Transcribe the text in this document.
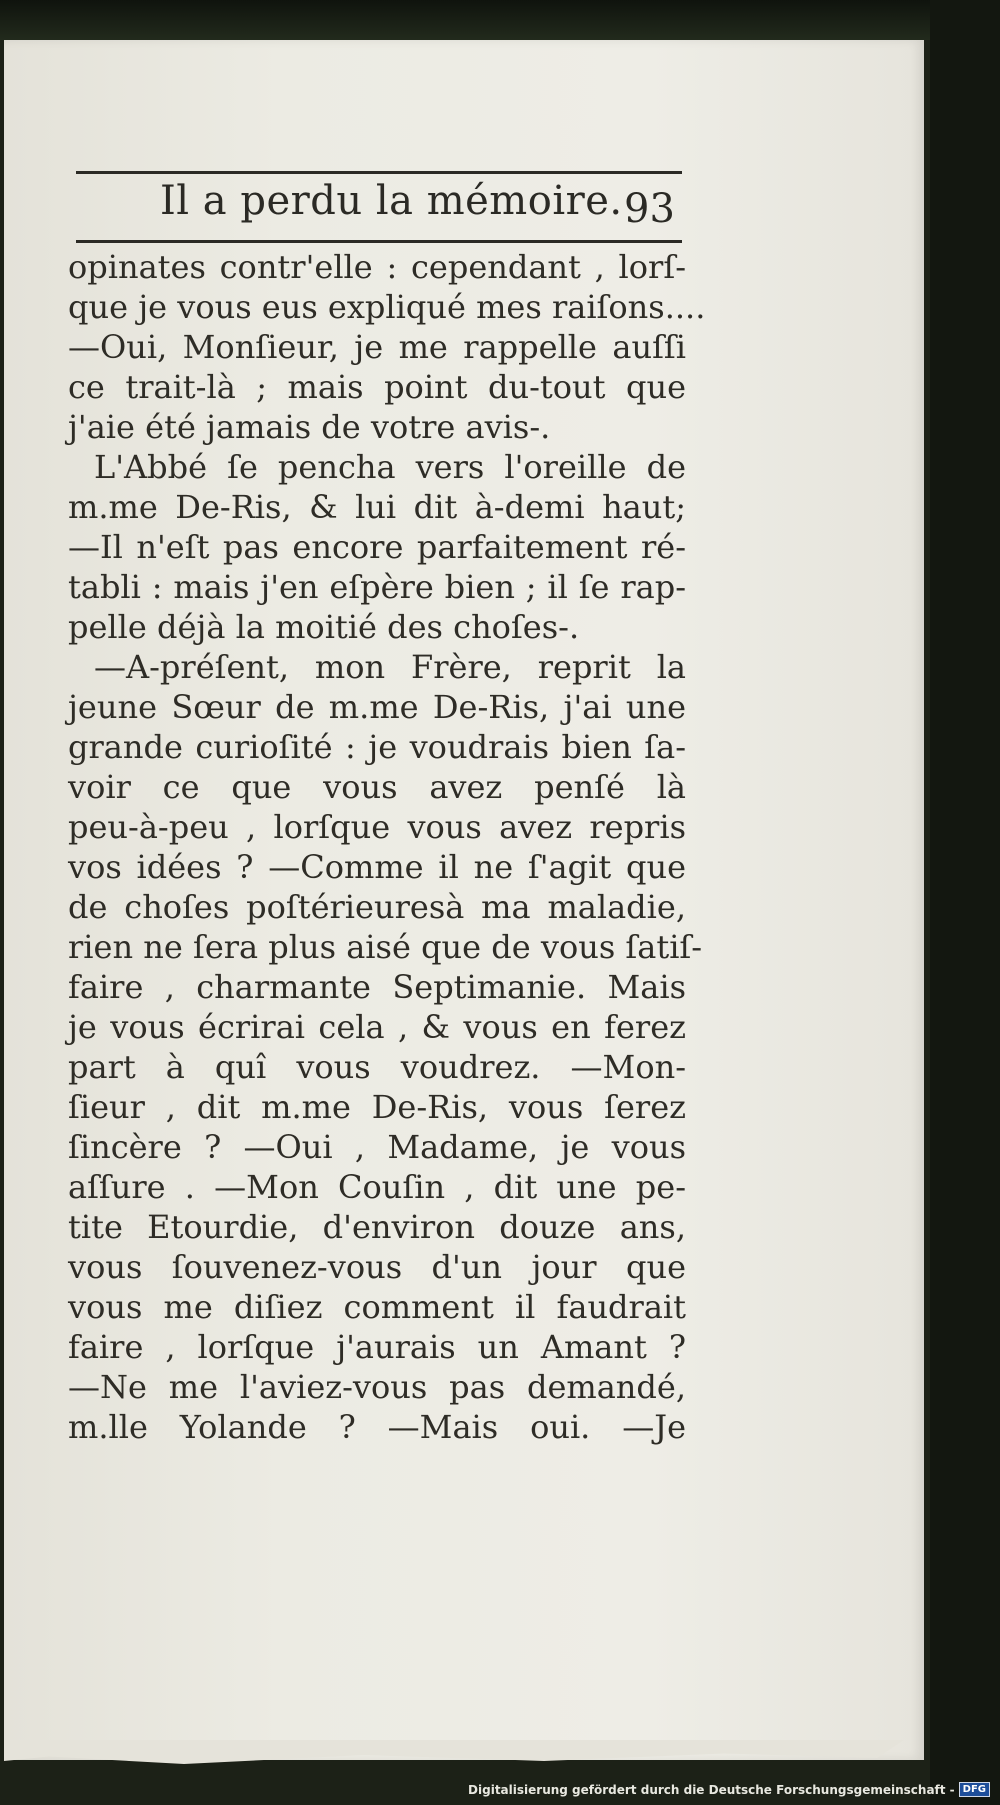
Il a perdu la mémoire. 93
opinates contr'elle : cependant , lorſ-
que je vous eus expliqué mes raiſons....
—Oui, Monſieur, je me rappelle auſſi
ce trait-là ; mais point du-tout que
j'aie été jamais de votre avis-.
L'Abbé ſe pencha vers l'oreille de
m.me De-Ris, & lui dit à-demi haut;
—Il n'eſt pas encore parfaitement ré-
tabli : mais j'en eſpère bien ; il ſe rap-
pelle déjà la moitié des choſes-.
—A-préſent, mon Frère, reprit la
jeune Sœur de m.me De-Ris, j'ai une
grande curioſité : je voudrais bien ſa-
voir ce que vous avez penſé là
peu-à-peu , lorſque vous avez repris
vos idées ? —Comme il ne ſ'agit que
de choſes poſtérieuresà ma maladie,
rien ne ſera plus aisé que de vous ſatiſ-
faire , charmante Septimanie. Mais
je vous écrirai cela , & vous en ferez
part à quî vous voudrez. —Mon-
ſieur , dit m.me De-Ris, vous ſerez
ſincère ? —Oui , Madame, je vous
aſſure . —Mon Couſin , dit une pe-
tite Etourdie, d'environ douze ans,
vous ſouvenez-vous d'un jour que
vous me diſiez comment il faudrait
faire , lorſque j'aurais un Amant ?
—Ne me l'aviez-vous pas demandé,
m.lle Yolande ? —Mais oui. —Je
Digitalisierung gefördert durch die Deutsche Forschungsgemeinschaft - DFG
